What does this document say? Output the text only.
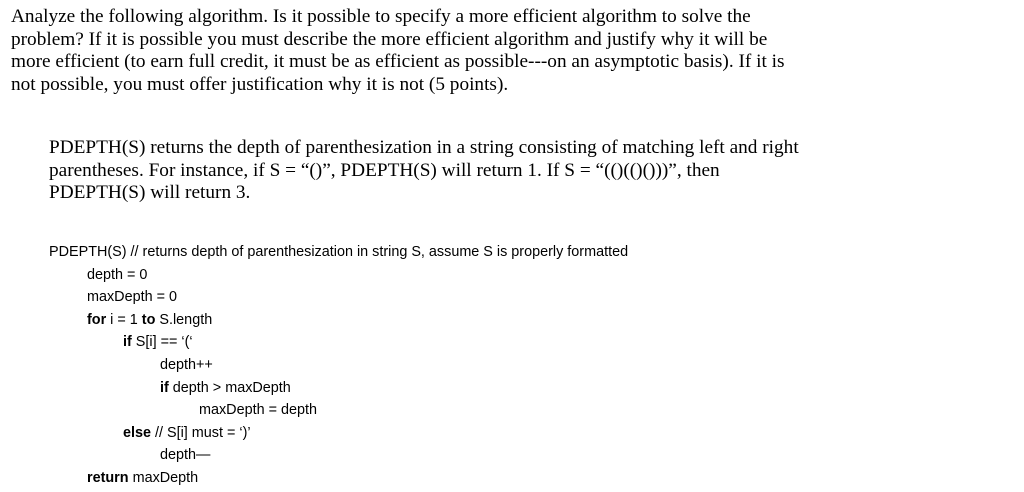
Analyze the following algorithm. Is it possible to specify a more efficient algorithm to solve the
problem? If it is possible you must describe the more efficient algorithm and justify why it will be
more efficient (to earn full credit, it must be as efficient as possible---on an asymptotic basis). If it is
not possible, you must offer justification why it is not (5 points).
PDEPTH(S) returns the depth of parenthesization in a string consisting of matching left and right
parentheses. For instance, if S = “()”, PDEPTH(S) will return 1. If S = “(()(()()))”, then
PDEPTH(S) will return 3.
PDEPTH(S) // returns depth of parenthesization in string S, assume S is properly formatted
depth = 0
maxDepth = 0
for i = 1 to S.length
if S[i] == ‘(‘
depth++
if depth > maxDepth
maxDepth = depth
else // S[i] must = ‘)’
depth—
return maxDepth
